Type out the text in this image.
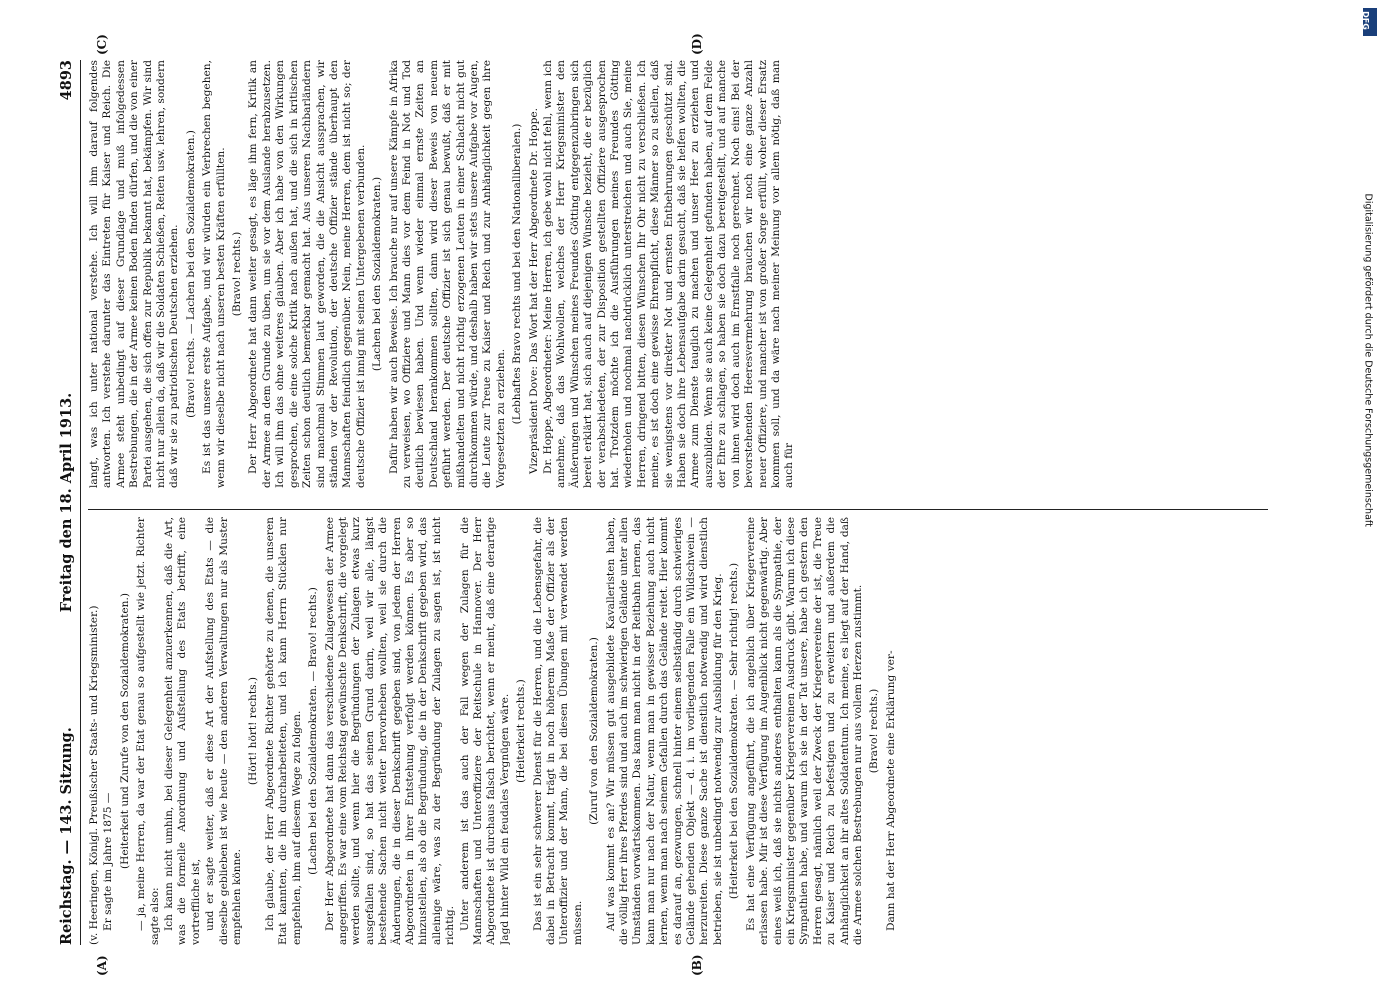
Reichstag. — 143. Sitzung.
Freitag den 18. April 1913.
4893
(A)	(B)
(C)	(D)

(v. Heeringen, Königl. Preußischer Staats- und Kriegsminister.) Er sagte im Jahre 1875 — (Heiterkeit und Zurufe von den Sozialdemokraten.) — ja, meine Herren, da war der Etat genau so aufgestellt wie jetzt. Richter sagte also: Ich kann nicht umhin, bei dieser Gelegenheit anzuerkennen, daß die Art, was die formelle Anordnung und Aufstellung des Etats betrifft, eine vortreffliche ist, und er sagte weiter, daß er diese Art der Aufstellung des Etats — die dieselbe geblieben ist wie heute — den anderen Verwaltungen nur als Muster empfehlen könne.

(Hört! hört! rechts.) Ich glaube, der Herr Abgeordnete Richter gehörte zu denen, die unseren Etat kannten, die ihn durcharbeiteten, und ich kann Herrn Stücklen nur empfehlen, ihm auf diesem Wege zu folgen. (Lachen bei den Sozialdemokraten. — Bravo! rechts.) Der Herr Abgeordnete hat dann das verschiedene Zulagewesen der Armee angegriffen. Es war eine vom Reichstag gewünschte Denkschrift, die vorgelegt werden sollte, und wenn hier die Begründungen der Zulagen etwas kurz ausgefallen sind, so hat das seinen Grund darin, weil wir alle, längst bestehende Sachen nicht weiter hervorheben wollten, weil sie durch die Änderungen, die in dieser Denkschrift gegeben sind, von jedem der Herren Abgeordneten in ihrer Entstehung verfolgt werden können. Es aber so hinzustellen, als ob die Begründung, die in der Denkschrift gegeben wird, das alleinige wäre, was zu der Begründung der Zulagen zu sagen ist, ist nicht richtig. Unter anderem ist das auch der Fall wegen der Zulagen für die Mannschaften und Unteroffiziere der Reitschule in Hannover. Der Herr Abgeordnete ist durchaus falsch berichtet, wenn er meint, daß eine derartige Jagd hinter Wild ein feudales Vergnügen wäre. (Heiterkeit rechts.) Das ist ein sehr schwerer Dienst für die Herren, und die Lebensgefahr, die dabei in Betracht kommt, trägt in noch höherem Maße der Offizier als der Unteroffizier und der Mann, die bei diesen Übungen mit verwendet werden müssen.

(Zuruf von den Sozialdemokraten.) Auf was kommt es an? Wir müssen gut ausgebildete Kavalleristen haben, die völlig Herr ihres Pferdes sind und auch im schwierigen Gelände unter allen Umständen vorwärtskommen. Das kann man nicht in der Reitbahn lernen, das kann man nur nach der Natur, wenn man in gewisser Beziehung auch nicht lernen, wenn man nach seinem Gefallen durch das Gelände reitet. Hier kommt es darauf an, gezwungen, schnell hinter einem selbständig durch schwieriges Gelände gehenden Objekt — d. i. im vorliegenden Falle ein Wildschwein — herzureiten. Diese ganze Sache ist dienstlich notwendig und wird dienstlich betrieben, sie ist unbedingt notwendig zur Ausbildung für den Krieg. (Heiterkeit bei den Sozialdemokraten. — Sehr richtig! rechts.) Es hat eine Verfügung angeführt, die ich angeblich über Kriegervereine erlassen habe. Mir ist diese Verfügung im Augenblick nicht gegenwärtig. Aber eines weiß ich, daß sie nichts anderes enthalten kann als die Sympathie, der ein Kriegsminister gegenüber Kriegervereinen Ausdruck gibt. Warum ich diese Sympathien habe, und warum ich sie in der Tat unsere, habe ich gestern den Herren gesagt, nämlich weil der Zweck der Kriegervereine der ist, die Treue zu Kaiser und Reich zu befestigen und zu erweitern und außerdem die Anhänglichkeit an ihr altes Soldatentum. Ich meine, es liegt auf der Hand, daß die Armee solchen Bestrebungen nur aus vollem Herzen zustimmt. (Bravo! rechts.) Dann hat der Herr Abgeordnete eine Erklärung ver-

langt, was ich unter national verstehe. Ich will ihm darauf folgendes antworten. Ich verstehe darunter das Eintreten für Kaiser und Reich. Die Armee steht unbedingt auf dieser Grundlage und muß infolgedessen Bestrebungen, die in der Armee keinen Boden finden dürfen, und die von einer Partei ausgehen, die sich offen zur Republik bekannt hat, bekämpfen. Wir sind nicht nur allein da, daß wir die Soldaten Schießen, Reiten usw. lehren, sondern daß wir sie zu patriotischen Deutschen erziehen. (Bravo! rechts. — Lachen bei den Sozialdemokraten.) Es ist das unsere erste Aufgabe, und wir würden ein Verbrechen begehen, wenn wir dieselbe nicht nach unseren besten Kräften erfüllten. (Bravo! rechts.) Der Herr Abgeordnete hat dann weiter gesagt, es läge ihm fern, Kritik an der Armee an dem Grunde zu üben, um sie vor dem Auslande herabzusetzen. Ich will ihm das ohne weiteres glauben. Aber ich habe von den Wirkungen gesprochen, die eine solche Kritik nach außen hat, und die sich in kritischen Zeiten schon deutlich bemerkbar gemacht hat. Aus unseren Nachbarländern sind manchmal Stimmen laut geworden, die die Ansicht aussprachen, wir ständen vor der Revolution, der deutsche Offizier stände überhaupt den Mannschaften feindlich gegenüber. Nein, meine Herren, dem ist nicht so; der deutsche Offizier ist innig mit seinen Untergebenen verbunden. (Lachen bei den Sozialdemokraten.) Dafür haben wir auch Beweise. Ich brauche nur auf unsere Kämpfe in Afrika zu verweisen, wo Offiziere und Mann dies vor dem Feind in Not und Tod deutlich bewiesen haben. Und wenn wieder einmal ernste Zeiten an Deutschland herankommen sollten, dann wird dieser Beweis von neuem geführt werden. Der deutsche Offizier ist sich genau bewußt, daß er mit mißhandelten und nicht richtig erzogenen Leuten in einer Schlacht nicht gut durchkommen würde, und deshalb haben wir stets unsere Aufgabe vor Augen, die Leute zur Treue zu Kaiser und Reich und zur Anhänglichkeit gegen ihre Vorgesetzten zu erziehen. (Lebhaftes Bravo rechts und bei den Nationalliberalen.) Vizepräsident Dove: Das Wort hat der Herr Abgeordnete Dr. Hoppe. Dr. Hoppe, Abgeordneter: Meine Herren, ich gebe wohl nicht fehl, wenn ich annehme, daß das Wohlwollen, welches der Herr Kriegsminister den Äußerungen und Wünschen meines Freundes Götting entgegenzubringen sich bereit erklärt hat, sich auch auf diejenigen Wünsche bezieht, die er bezüglich der verabschiedeten, der zur Disposition gestellten Offiziere ausgesprochen hat. Trotzdem möchte ich die Ausführungen meines Freundes Götting wiederholen und nochmal nachdrücklich unterstreichen und auch Sie, meine Herren, dringend bitten, diesen Wünschen Ihr Ohr nicht zu verschließen. Ich meine, es ist doch eine gewisse Ehrenpflicht, diese Männer so zu stellen, daß sie wenigstens vor direkter Not und ernsten Entbehrungen geschützt sind. Haben sie doch ihre Lebensaufgabe darin gesucht, daß sie helfen wollten, die Armee zum Dienste tauglich zu machen und unser Heer zu erziehen und auszubilden. Wenn sie auch keine Gelegenheit gefunden haben, auf dem Felde der Ehre zu schlagen, so haben sie doch dazu bereitgestellt, und auf manche von ihnen wird doch auch im Ernstfalle noch gerechnet. Noch eins! Bei der bevorstehenden Heeresvermehrung brauchen wir noch eine ganze Anzahl neuer Offiziere, und mancher ist von großer Sorge erfüllt, woher dieser Ersatz kommen soll, und da wäre nach meiner Meinung vor allem nötig, daß man auch für

DFG
Digitalisierung gefördert durch die Deutsche Forschungsgemeinschaft
